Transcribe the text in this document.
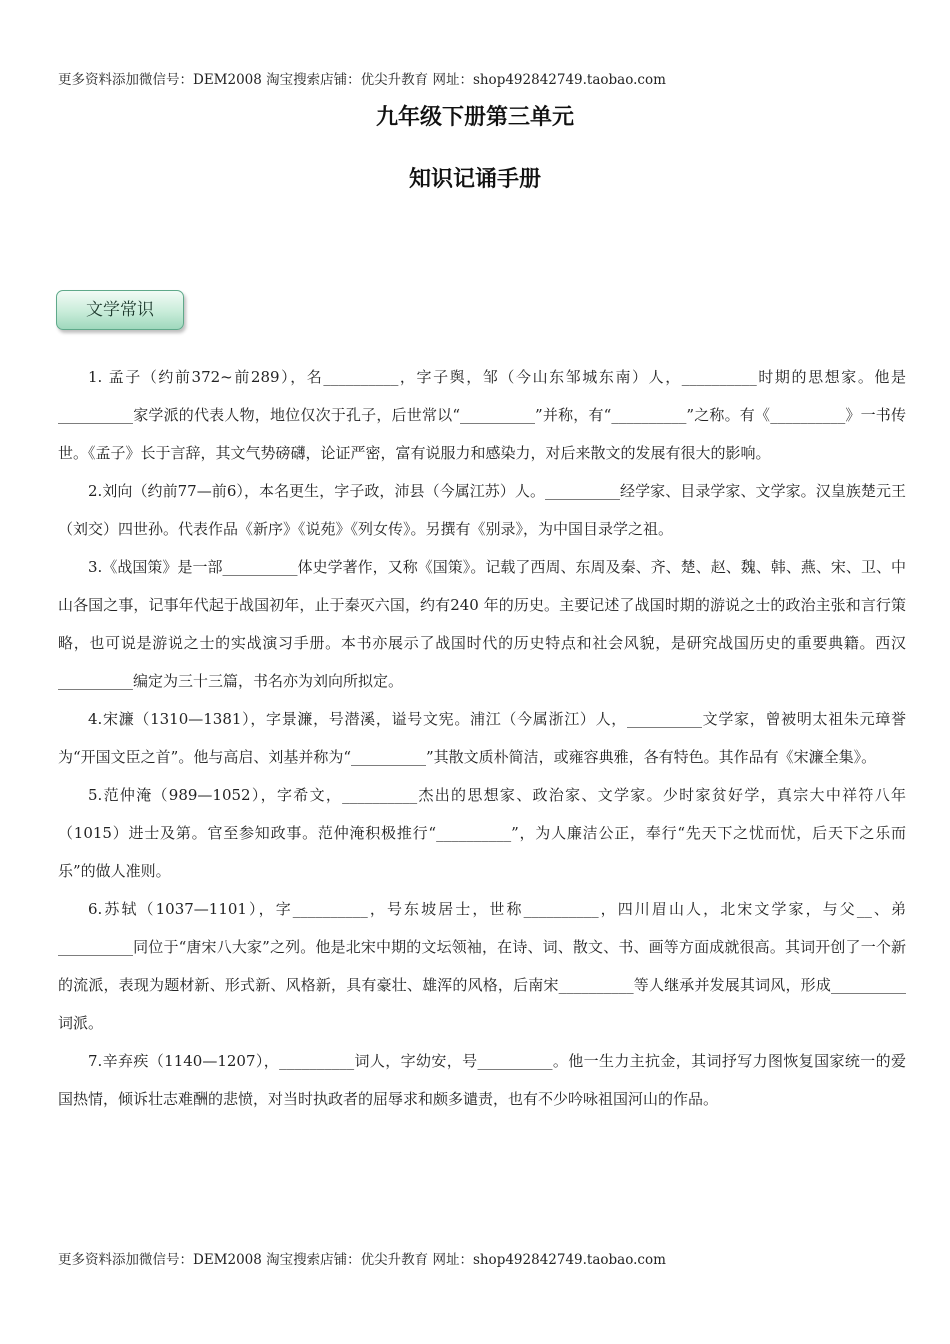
更多资料添加微信号：DEM2008 淘宝搜索店铺：优尖升教育 网址：shop492842749.taobao.com
九年级下册第三单元
知识记诵手册
文学常识

1. 孟子（约前372~前289），名__________，字子舆，邹（今山东邹城东南）人，__________时期的思想家。他是__________家学派的代表人物，地位仅次于孔子，后世常以“__________”并称，有“__________”之称。有《__________》一书传世。《孟子》长于言辞，其文气势磅礴，论证严密，富有说服力和感染力，对后来散文的发展有很大的影响。

2.刘向（约前77—前6），本名更生，字子政，沛县（今属江苏）人。__________经学家、目录学家、文学家。汉皇族楚元王（刘交）四世孙。代表作品《新序》《说苑》《列女传》。另撰有《别录》，为中国目录学之祖。

3.《战国策》是一部__________体史学著作，又称《国策》。记载了西周、东周及秦、齐、楚、赵、魏、韩、燕、宋、卫、中山各国之事，记事年代起于战国初年，止于秦灭六国，约有240 年的历史。主要记述了战国时期的游说之士的政治主张和言行策略，也可说是游说之士的实战演习手册。本书亦展示了战国时代的历史特点和社会风貌，是研究战国历史的重要典籍。西汉__________编定为三十三篇，书名亦为刘向所拟定。

4.宋濂（1310—1381），字景濂，号潜溪，谥号文宪。浦江（今属浙江）人，__________文学家，曾被明太祖朱元璋誉为“开国文臣之首”。他与高启、刘基并称为“__________”其散文质朴简洁，或雍容典雅，各有特色。其作品有《宋濂全集》。

5.范仲淹（989—1052），字希文，__________杰出的思想家、政治家、文学家。少时家贫好学，真宗大中祥符八年（1015）进士及第。官至参知政事。范仲淹积极推行“__________”，为人廉洁公正，奉行“先天下之忧而忧，后天下之乐而乐”的做人准则。

6.苏轼（1037—1101），字__________，号东坡居士，世称__________，四川眉山人，北宋文学家，与父__、弟__________同位于“唐宋八大家”之列。他是北宋中期的文坛领袖，在诗、词、散文、书、画等方面成就很高。其词开创了一个新的流派，表现为题材新、形式新、风格新，具有豪壮、雄浑的风格，后南宋__________等人继承并发展其词风，形成__________词派。

7.辛弃疾（1140—1207），__________词人，字幼安，号__________。他一生力主抗金，其词抒写力图恢复国家统一的爱国热情，倾诉壮志难酬的悲愤，对当时执政者的屈辱求和颇多谴责，也有不少吟咏祖国河山的作品。

更多资料添加微信号：DEM2008 淘宝搜索店铺：优尖升教育 网址：shop492842749.taobao.com
